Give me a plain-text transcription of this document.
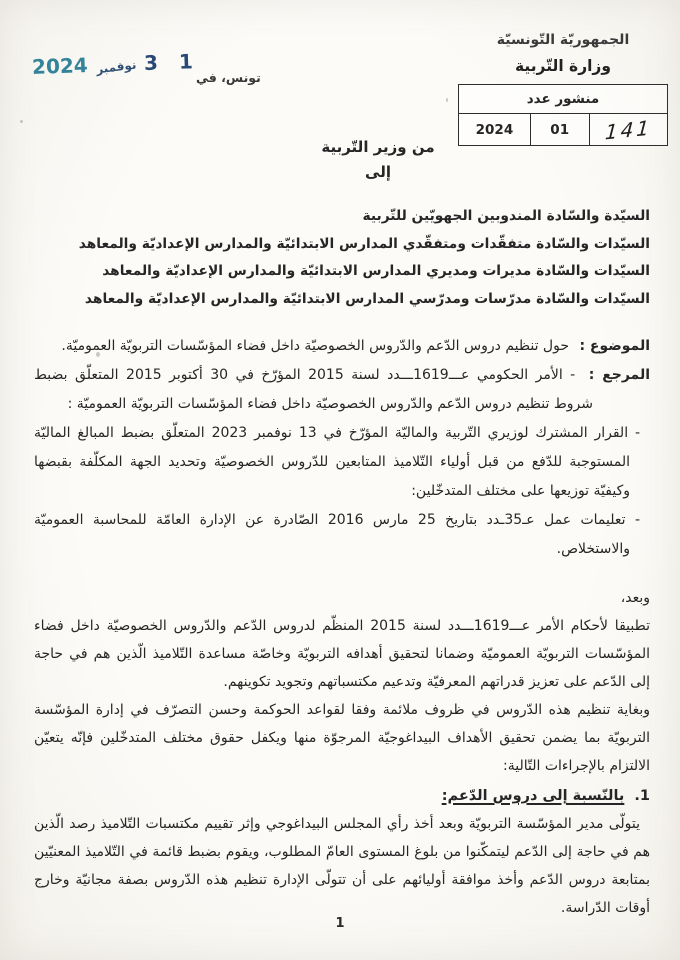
الجمهوريّة التّونسيّة

وزارة التّربية

منشور عدد
141	01	2024
1 3
نوفمبر
2024	تونس، في

من وزير التّربية

إلى

السيّدة والسّادة المندوبين الجهويّين للتّربية

السيّدات والسّادة متفقّدات ومتفقّدي المدارس الابتدائيّة والمدارس الإعداديّة والمعاهد

السيّدات والسّادة مديرات ومديري المدارس الابتدائيّة والمدارس الإعداديّة والمعاهد

السيّدات والسّادة مدرّسات ومدرّسي المدارس الابتدائيّة والمدارس الإعداديّة والمعاهد

الموضوع : حول تنظيم دروس الدّعم والدّروس الخصوصيّة داخل فضاء المؤسّسات التربويّة العموميّة.

المرجع : - الأمر الحكومي عـــ1619ـــدد لسنة 2015 المؤرّخ في 30 أكتوبر 2015 المتعلّق بضبط شروط تنظيم دروس الدّعم والدّروس الخصوصيّة داخل فضاء المؤسّسات التربويّة العموميّة :

- القرار المشترك لوزيري التّربية والماليّة المؤرّخ في 13 نوفمبر 2023 المتعلّق بضبط المبالغ الماليّة المستوجبة للدّفع من قبل أولياء التّلاميذ المتابعين للدّروس الخصوصيّة وتحديد الجهة المكلّفة بقبضها وكيفيّة توزيعها على مختلف المتدخّلين:

- تعليمات عمل عـ35ـدد بتاريخ 25 مارس 2016 الصّادرة عن الإدارة العامّة للمحاسبة العموميّة والاستخلاص.

وبعد،

تطبيقا لأحكام الأمر عـــ1619ـــدد لسنة 2015 المنظّم لدروس الدّعم والدّروس الخصوصيّة داخل فضاء المؤسّسات التربويّة العموميّة وضمانا لتحقيق أهدافه التربويّة وخاصّة مساعدة التّلاميذ الّذين هم في حاجة إلى الدّعم على تعزيز قدراتهم المعرفيّة وتدعيم مكتسباتهم وتجويد تكوينهم.

وبغاية تنظيم هذه الدّروس في ظروف ملائمة وفقا لقواعد الحوكمة وحسن التصرّف في إدارة المؤسّسة التربويّة بما يضمن تحقيق الأهداف البيداغوجيّة المرجوّة منها ويكفل حقوق مختلف المتدخّلين فإنّه يتعيّن الالتزام بالإجراءات التّالية:

1. بالنّسبة إلى دروس الدّعم:

يتولّى مدير المؤسّسة التربويّة وبعد أخذ رأي المجلس البيداغوجي وإثر تقييم مكتسبات التّلاميذ رصد الّذين هم في حاجة إلى الدّعم ليتمكّنوا من بلوغ المستوى العامّ المطلوب، ويقوم بضبط قائمة في التّلاميذ المعنيّين بمتابعة دروس الدّعم وأخذ موافقة أوليائهم على أن تتولّى الإدارة تنظيم هذه الدّروس بصفة مجانيّة وخارج أوقات الدّراسة.

1
